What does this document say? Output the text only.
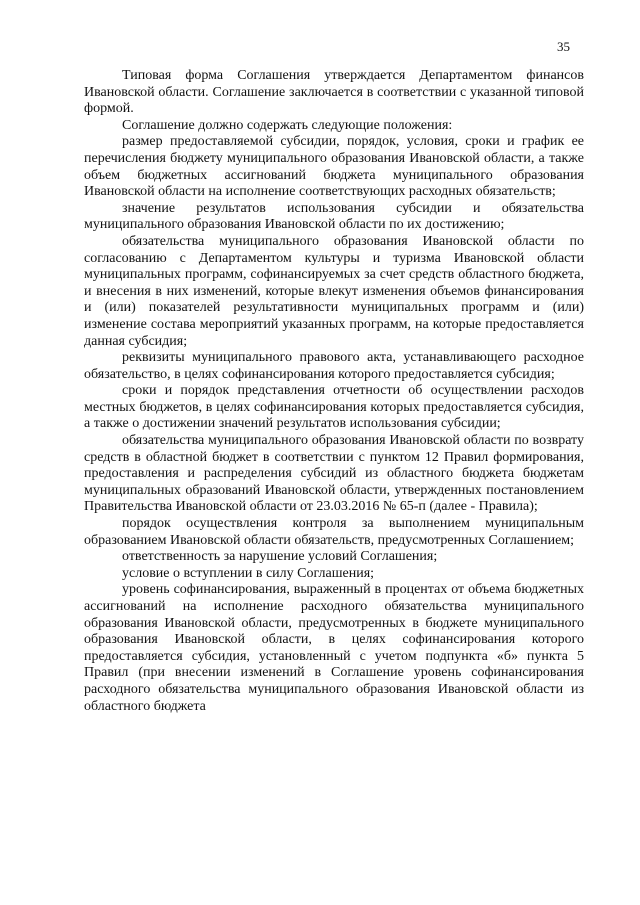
35

Типовая форма Соглашения утверждается Департаментом финансов Ивановской области. Соглашение заключается в соответствии с указанной типовой формой.

Соглашение должно содержать следующие положения:

размер предоставляемой субсидии, порядок, условия, сроки и график ее перечисления бюджету муниципального образования Ивановской области, а также объем бюджетных ассигнований бюджета муниципального образования Ивановской области на исполнение соответствующих расходных обязательств;

значение результатов использования субсидии и обязательства муниципального образования Ивановской области по их достижению;

обязательства муниципального образования Ивановской области по согласованию с Департаментом культуры и туризма Ивановской области муниципальных программ, софинансируемых за счет средств областного бюджета, и внесения в них изменений, которые влекут изменения объемов финансирования и (или) показателей результативности муниципальных программ и (или) изменение состава мероприятий указанных программ, на которые предоставляется данная субсидия;

реквизиты муниципального правового акта, устанавливающего расходное обязательство, в целях софинансирования которого предоставляется субсидия;

сроки и порядок представления отчетности об осуществлении расходов местных бюджетов, в целях софинансирования которых предоставляется субсидия, а также о достижении значений результатов использования субсидии;

обязательства муниципального образования Ивановской области по возврату средств в областной бюджет в соответствии с пунктом 12 Правил формирования, предоставления и распределения субсидий из областного бюджета бюджетам муниципальных образований Ивановской области, утвержденных постановлением Правительства Ивановской области от 23.03.2016 № 65-п (далее - Правила);

порядок осуществления контроля за выполнением муниципальным образованием Ивановской области обязательств, предусмотренных Соглашением;

ответственность за нарушение условий Соглашения;

условие о вступлении в силу Соглашения;

уровень софинансирования, выраженный в процентах от объема бюджетных ассигнований на исполнение расходного обязательства муниципального образования Ивановской области, предусмотренных в бюджете муниципального образования Ивановской области, в целях софинансирования которого предоставляется субсидия, установленный с учетом подпункта «б» пункта 5 Правил (при внесении изменений в Соглашение уровень софинансирования расходного обязательства муниципального образования Ивановской области из областного бюджета
